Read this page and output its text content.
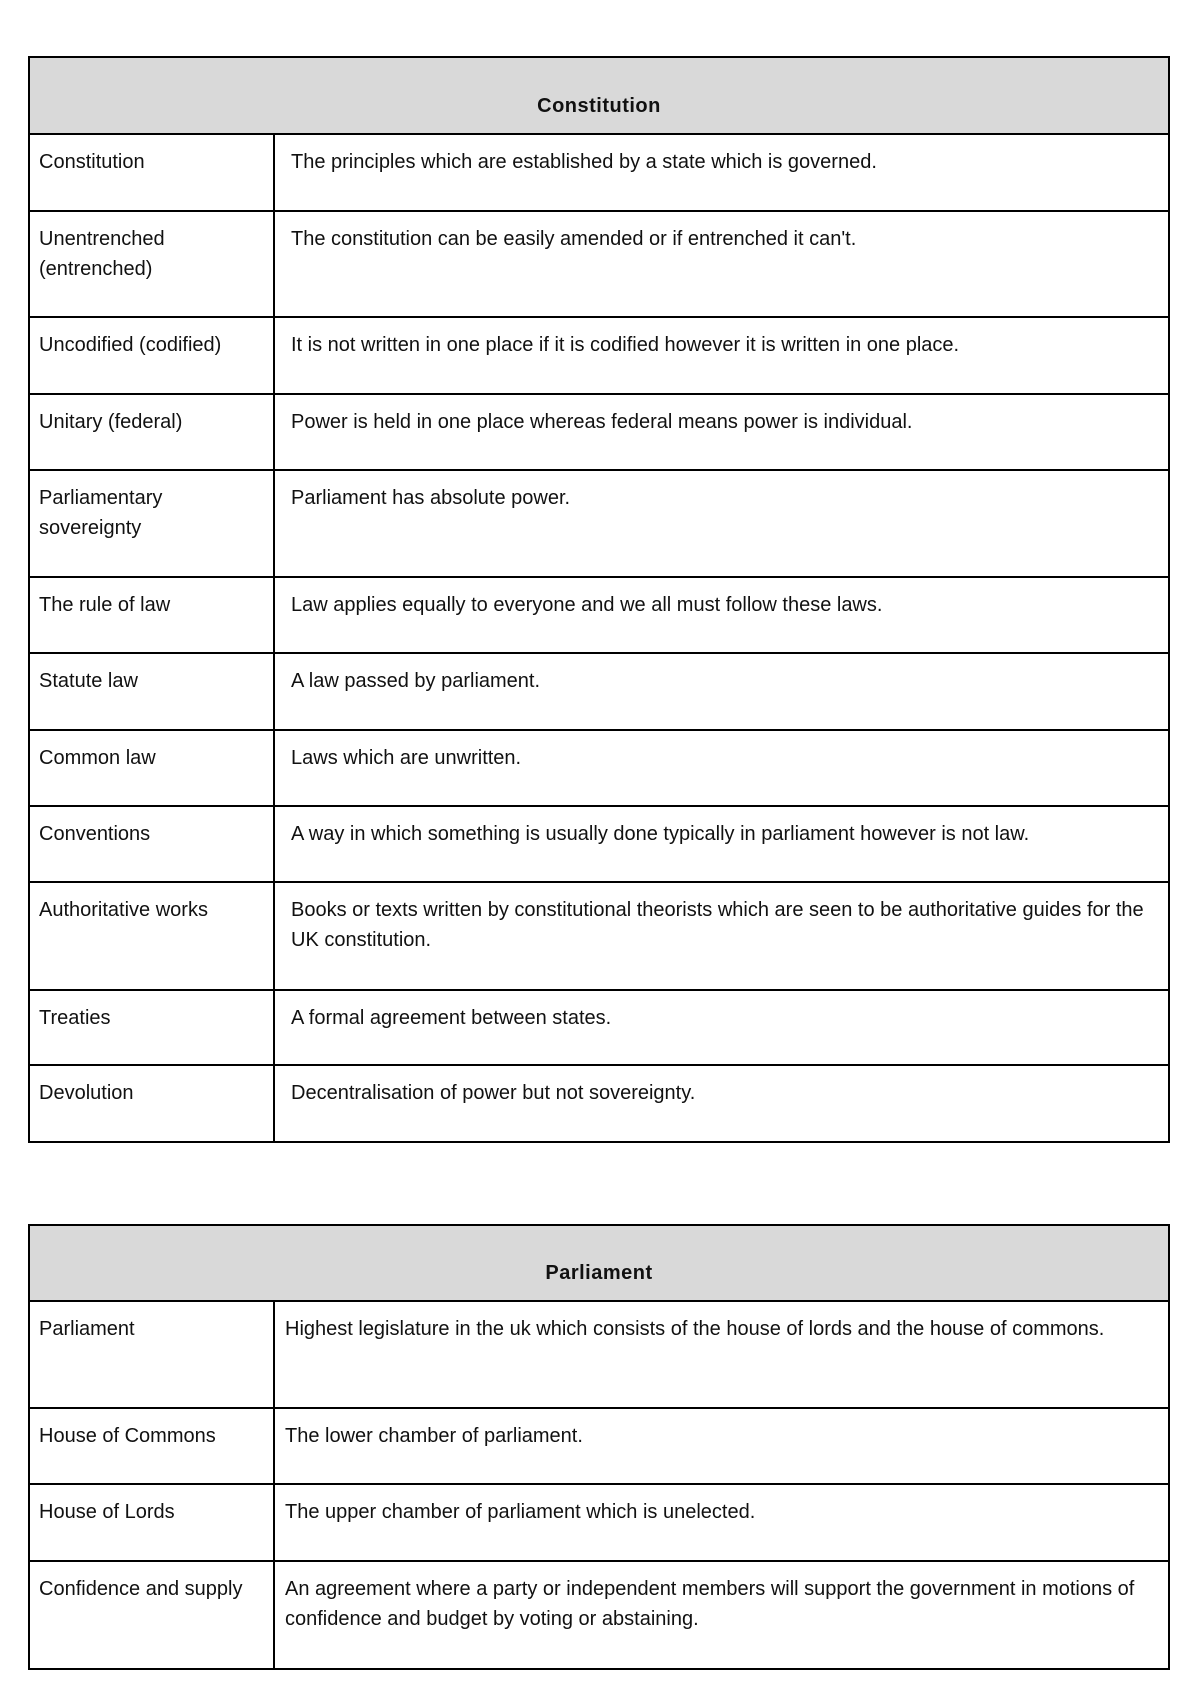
Constitution	
Constitution	The principles which are established by a state which is governed.
Unentrenched (entrenched)	The constitution can be easily amended or if entrenched it can't.
Uncodified (codified)	It is not written in one place if it is codified however it is written in one place.
Unitary (federal)	Power is held in one place whereas federal means power is individual.
Parliamentary sovereignty	Parliament has absolute power.
The rule of law	Law applies equally to everyone and we all must follow these laws.
Statute law	A law passed by parliament.
Common law	Laws which are unwritten.
Conventions	A way in which something is usually done typically in parliament however is not law.
Authoritative works	Books or texts written by constitutional theorists which are seen to be authoritative guides for the UK constitution.
Treaties	A formal agreement between states.
Devolution	Decentralisation of power but not sovereignty.
Parliament	
Parliament	Highest legislature in the uk which consists of the house of lords and the house of commons.
House of Commons	The lower chamber of parliament.
House of Lords	The upper chamber of parliament which is unelected.
Confidence and supply	An agreement where a party or independent members will support the government in motions of confidence and budget by voting or abstaining.
